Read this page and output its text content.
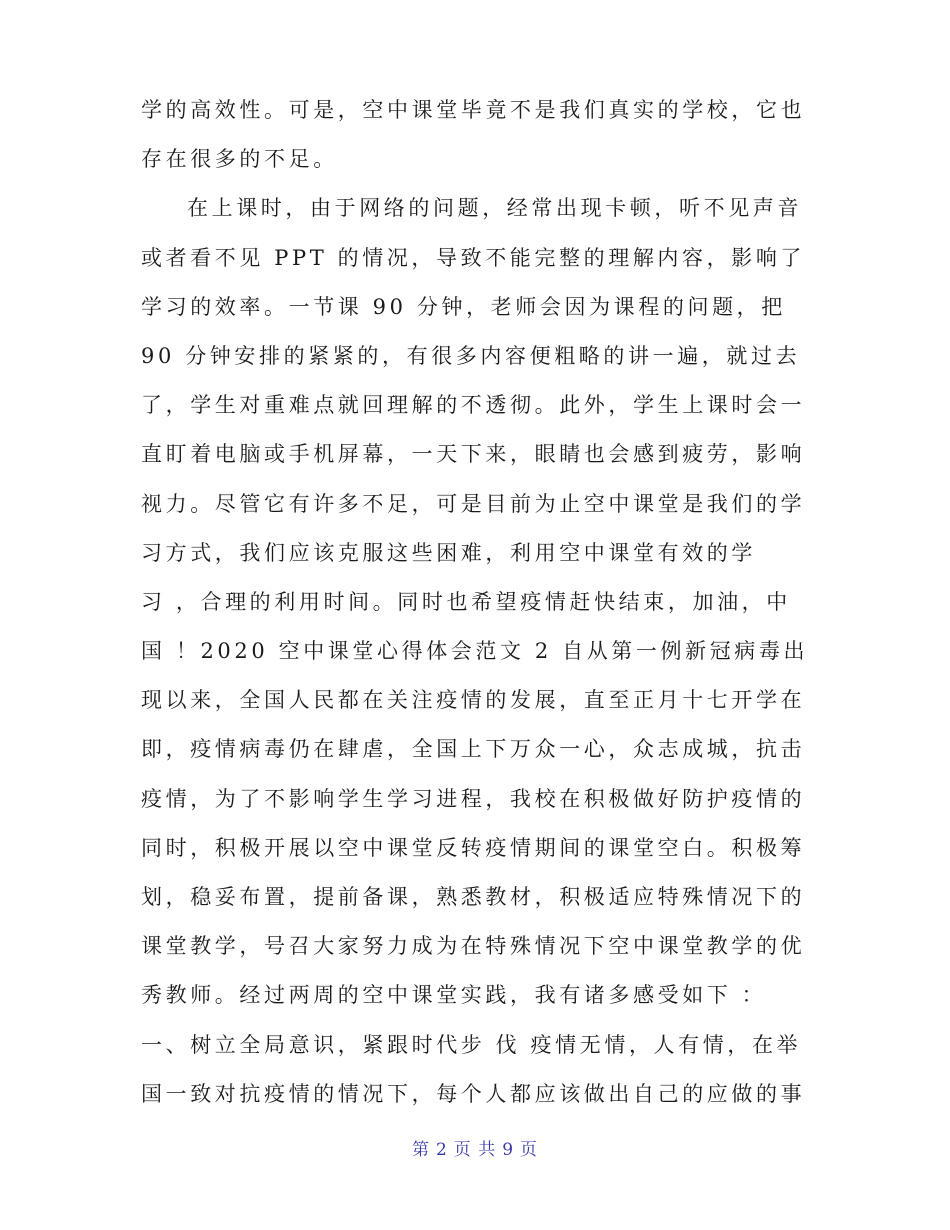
学的高效性。可是，空中课堂毕竟不是我们真实的学校，它也
存在很多的不足。
在上课时，由于网络的问题，经常出现卡顿，听不见声音
或者看不见 PPT 的情况，导致不能完整的理解内容，影响了
学习的效率。一节课 90 分钟，老师会因为课程的问题，把
90 分钟安排的紧紧的，有很多内容便粗略的讲一遍，就过去
了，学生对重难点就回理解的不透彻。此外，学生上课时会一
直盯着电脑或手机屏幕，一天下来，眼睛也会感到疲劳，影响
视力。尽管它有许多不足，可是目前为止空中课堂是我们的学
习方式，我们应该克服这些困难，利用空中课堂有效的学
习 ，合理的利用时间。同时也希望疫情赶快结束，加油，中
国 ！2020 空中课堂心得体会范文 2 自从第一例新冠病毒出
现以来，全国人民都在关注疫情的发展，直至正月十七开学在
即，疫情病毒仍在肆虐，全国上下万众一心，众志成城，抗击
疫情，为了不影响学生学习进程，我校在积极做好防护疫情的
同时，积极开展以空中课堂反转疫情期间的课堂空白。积极筹
划，稳妥布置，提前备课，熟悉教材，积极适应特殊情况下的
课堂教学，号召大家努力成为在特殊情况下空中课堂教学的优
秀教师。经过两周的空中课堂实践，我有诸多感受如下 ：
一、树立全局意识，紧跟时代步 伐 疫情无情，人有情，在举
国一致对抗疫情的情况下，每个人都应该做出自己的应做的事
第 2 页 共 9 页
